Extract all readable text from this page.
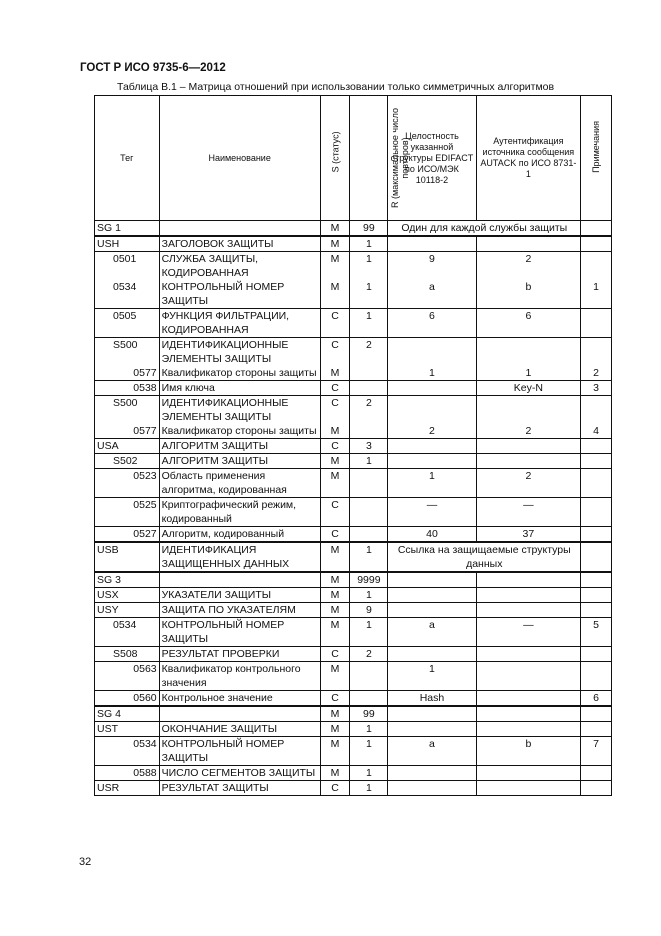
ГОСТ Р ИСО 9735-6—2012
Таблица B.1 – Матрица отношений при использовании только симметричных алгоритмов
Тег	Наименование	S (статус)	R (максимальное число повторов)	Целостность указанной структуры EDIFACT по ИСО/МЭК 10118-2	Аутентификация источника сообщения AUTACK по ИСО 8731-1	Примечания

SG 1		M	99	Один для каждой службы защиты		
USH	ЗАГОЛОВОК ЗАЩИТЫ	M	1			
0501	СЛУЖБА ЗАЩИТЫ, КОДИРОВАННАЯ	M	1	9	2	
0534	КОНТРОЛЬНЫЙ НОМЕР ЗАЩИТЫ	M	1	a	b	1
0505	ФУНКЦИЯ ФИЛЬТРАЦИИ, КОДИРОВАННАЯ	C	1	6	6	
S500	ИДЕНТИФИКАЦИОННЫЕ ЭЛЕМЕНТЫ ЗАЩИТЫ	C	2			
0577	Квалификатор стороны защиты	M		1	1	2
0538	Имя ключа	C			Key-N	3
S500	ИДЕНТИФИКАЦИОННЫЕ ЭЛЕМЕНТЫ ЗАЩИТЫ	C	2			
0577	Квалификатор стороны защиты	M		2	2	4
USA	АЛГОРИТМ ЗАЩИТЫ	C	3			
S502	АЛГОРИТМ ЗАЩИТЫ	M	1			
0523	Область применения алгоритма, кодированная	M		1	2	
0525	Криптографический режим, кодированный	C		—	—	
0527	Алгоритм, кодированный	C		40	37	
USB	ИДЕНТИФИКАЦИЯ ЗАЩИЩЕННЫХ ДАННЫХ	M	1	Ссылка на защищаемые структуры данных		
SG 3		M	9999			
USX	УКАЗАТЕЛИ ЗАЩИТЫ	M	1			
USY	ЗАЩИТА ПО УКАЗАТЕЛЯМ	M	9			
0534	КОНТРОЛЬНЫЙ НОМЕР ЗАЩИТЫ	M	1	a	—	5
S508	РЕЗУЛЬТАТ ПРОВЕРКИ	C	2			
0563	Квалификатор контрольного значения	M		1		
0560	Контрольное значение	C		Hash		6
SG 4		M	99			
UST	ОКОНЧАНИЕ ЗАЩИТЫ	M	1			
0534	КОНТРОЛЬНЫЙ НОМЕР ЗАЩИТЫ	M	1	a	b	7
0588	ЧИСЛО СЕГМЕНТОВ ЗАЩИТЫ	M	1			
USR	РЕЗУЛЬТАТ ЗАЩИТЫ	C	1			
32
